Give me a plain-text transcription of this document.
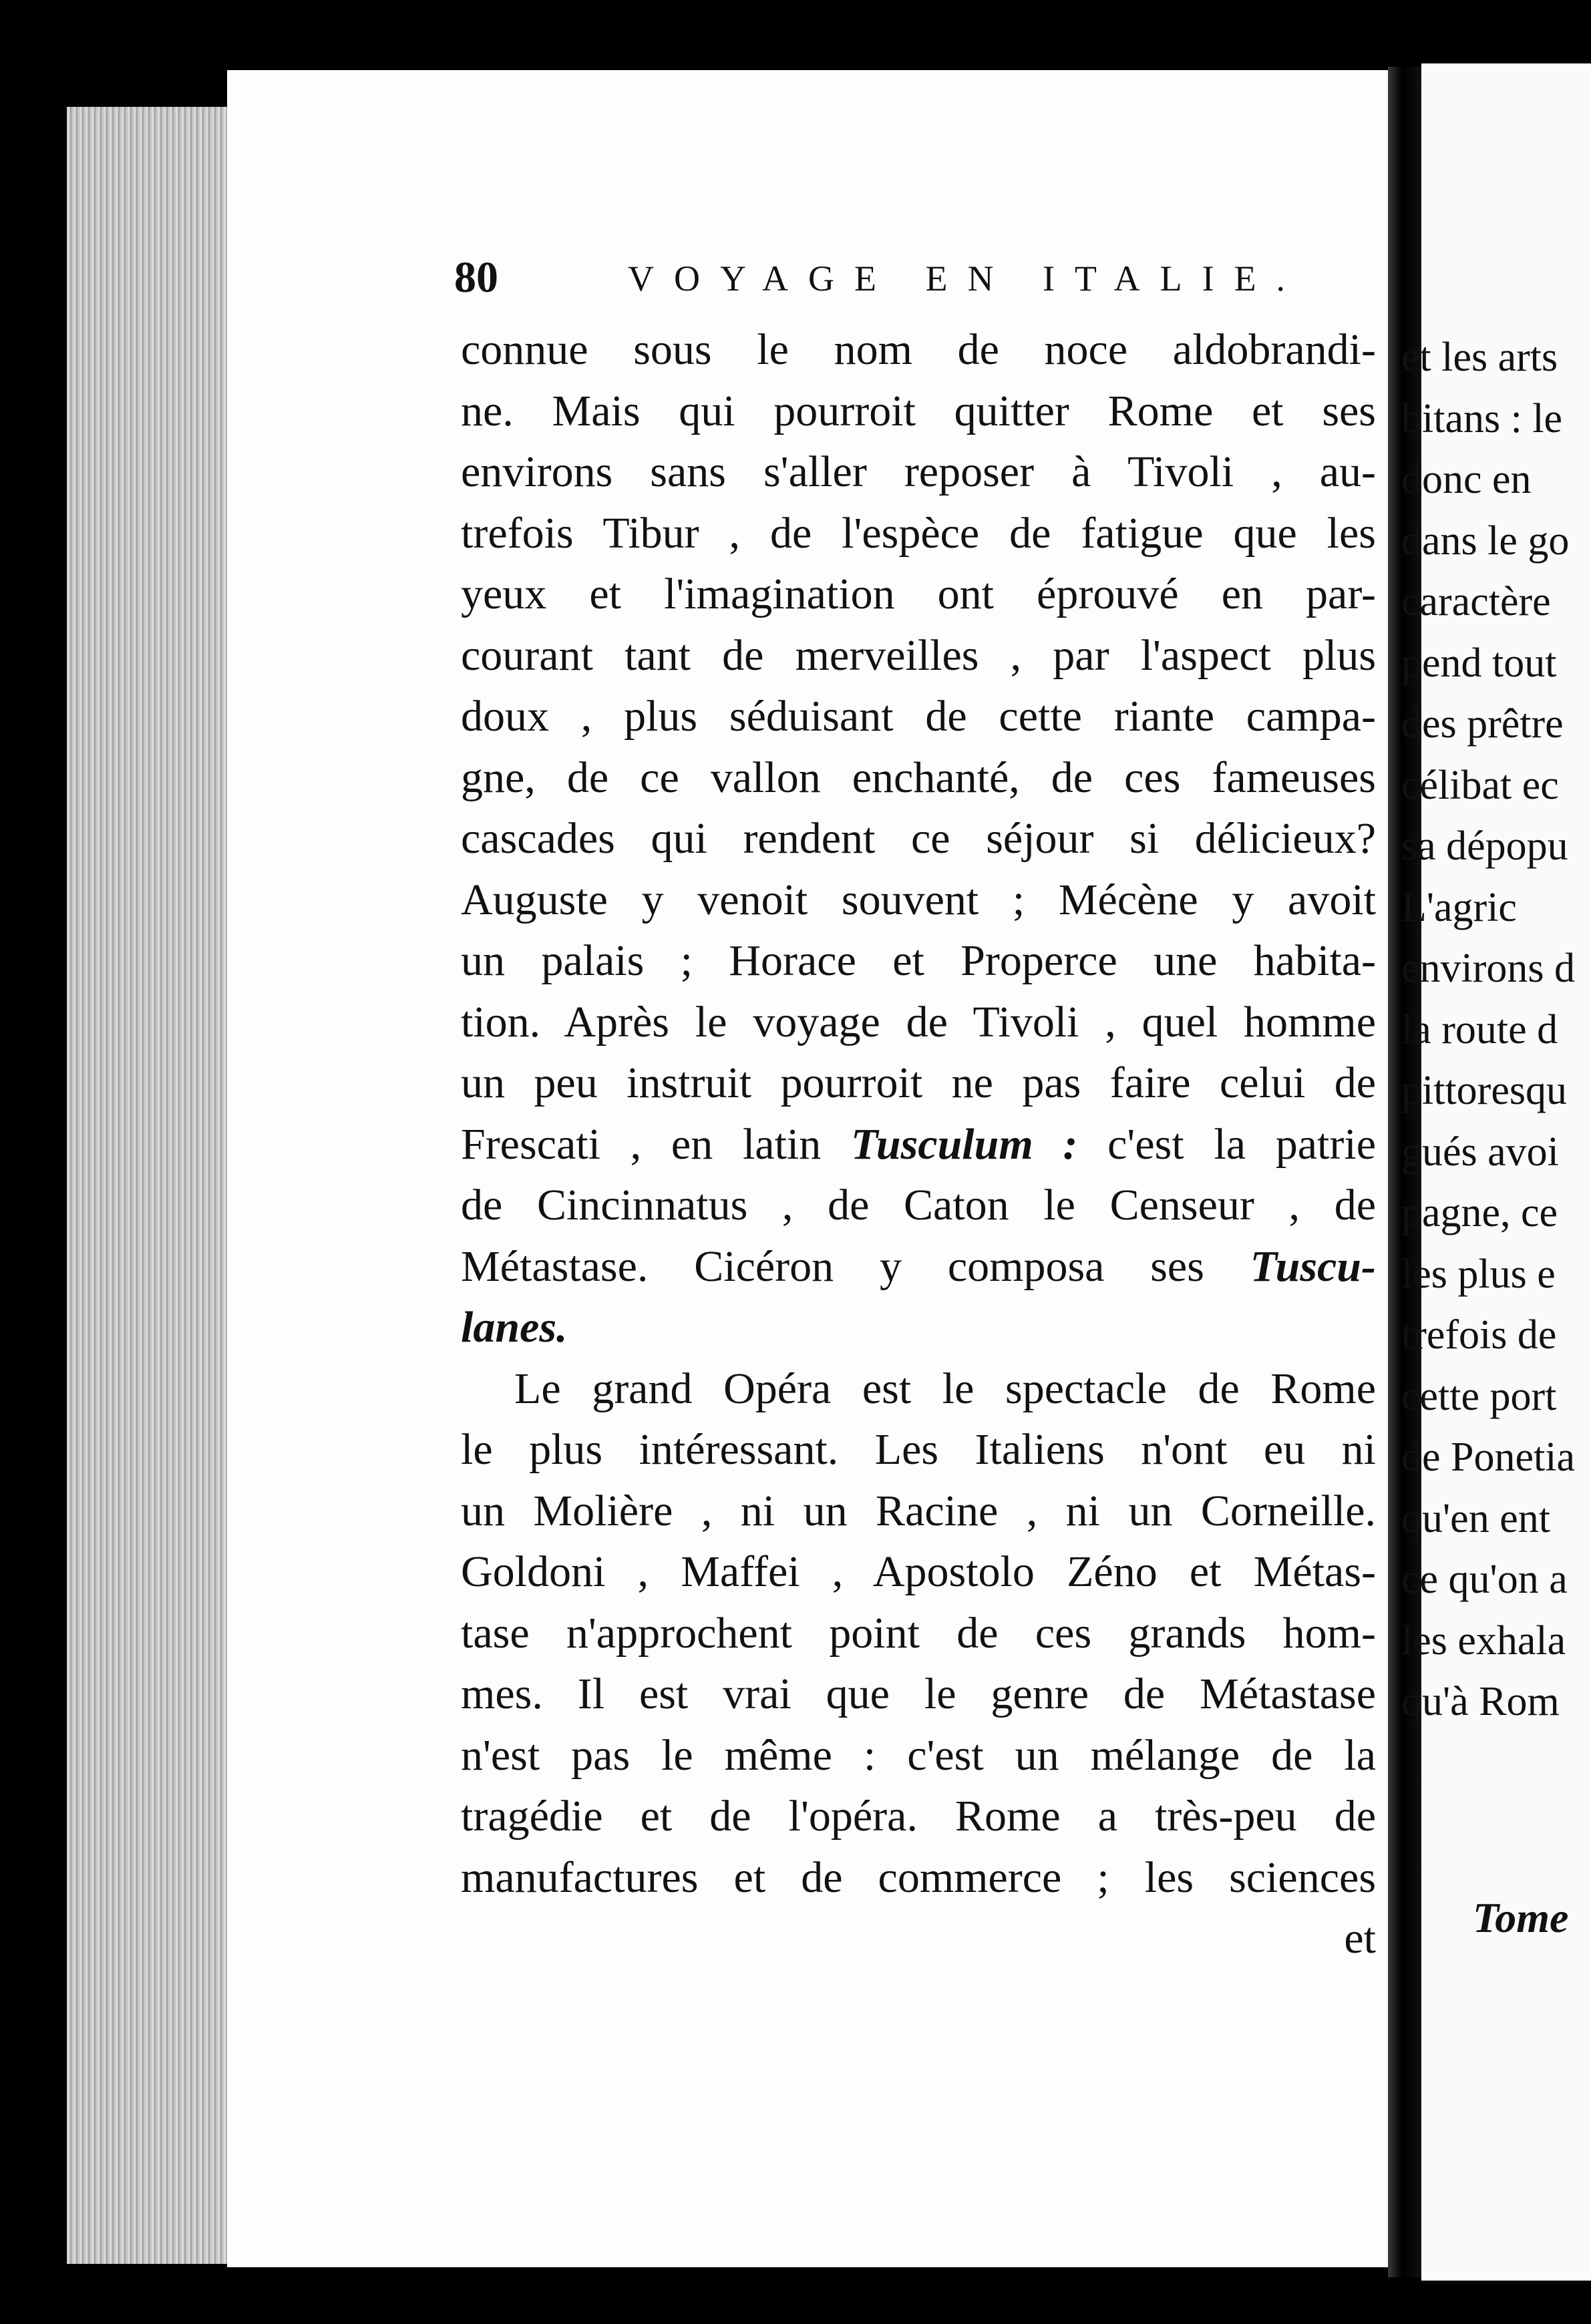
80	VOYAGE EN ITALIE.
connue sous le nom de noce aldobrandi-
ne. Mais qui pourroit quitter Rome et ses
environs sans s'aller reposer à Tivoli , au-
trefois Tibur , de l'espèce de fatigue que les
yeux et l'imagination ont éprouvé en par-
courant tant de merveilles , par l'aspect plus
doux , plus séduisant de cette riante campa-
gne, de ce vallon enchanté, de ces fameuses
cascades qui rendent ce séjour si délicieux?
Auguste y venoit souvent ; Mécène y avoit
un palais ; Horace et Properce une habita-
tion. Après le voyage de Tivoli , quel homme
un peu instruit pourroit ne pas faire celui de
Frescati , en latin Tusculum : c'est la patrie
de Cincinnatus , de Caton le Censeur , de
Métastase. Cicéron y composa ses Tuscu-
lanes.
Le grand Opéra est le spectacle de Rome
le plus intéressant. Les Italiens n'ont eu ni
un Molière , ni un Racine , ni un Corneille.
Goldoni , Maffei , Apostolo Zéno et Métas-
tase n'approchent point de ces grands hom-
mes. Il est vrai que le genre de Métastase
n'est pas le même : c'est un mélange de la
tragédie et de l'opéra. Rome a très-peu de
manufactures et de commerce ; les sciences
et
et les arts
bitans : le
donc en
dans le go
caractère
pend tout
des prêtre
célibat ec
sa dépopu
L'agric
environs d
la route d
pittoresqu
gués avoi
pagne, ce
les plus e
trefois de
cette port
de Ponetia
qu'en ent
ce qu'on a
les exhala
qu'à Rom
Tome
